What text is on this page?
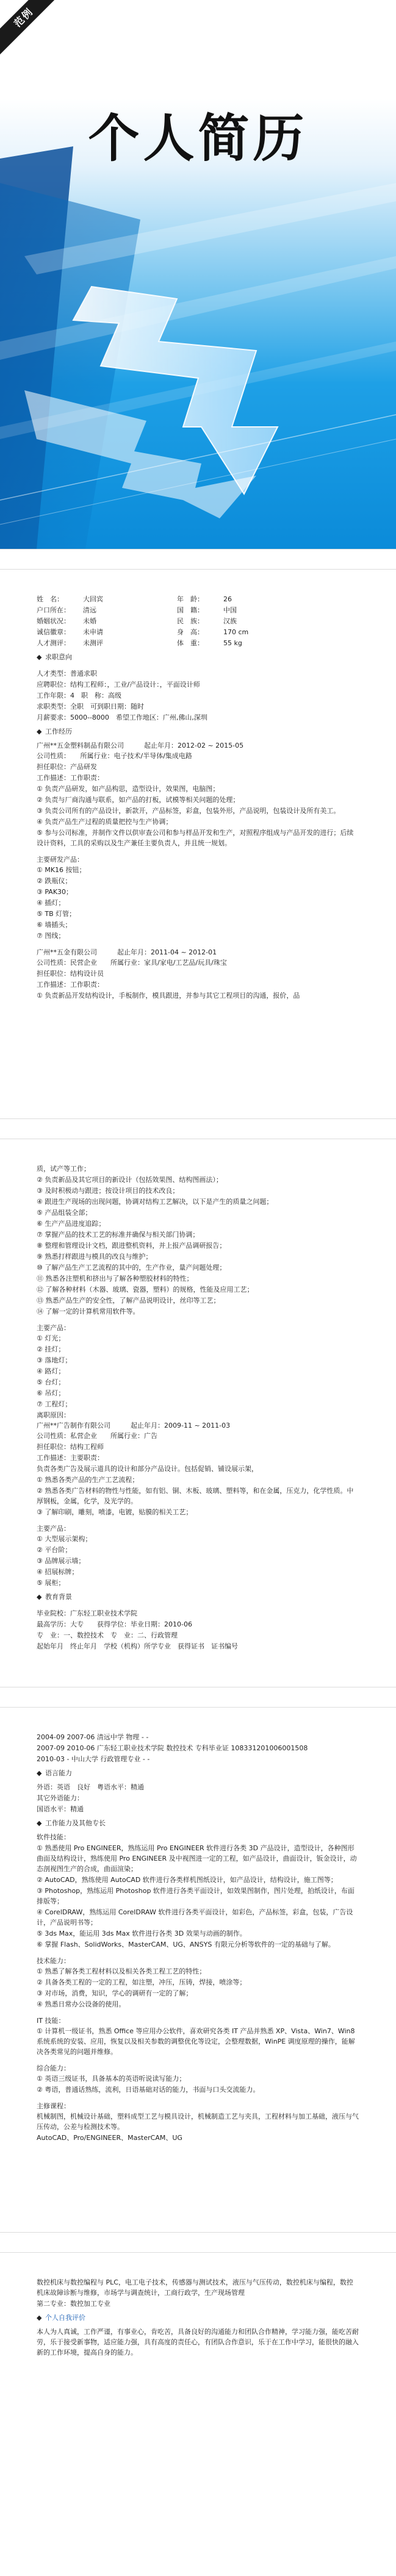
范例
个人简历
姓　名：	大回宾	年　龄：	26
户口所在： 清远	国　籍：	中国
婚姻状况： 未婚	民　族：	汉族
诚信徽章： 未申请	身　高：	170 cm
人才测评： 未测评	体　重：	55 kg
◆ 求职意向
人才类型：普通求职
应聘职位：结构工程师：，工业/产品设计：，平面设计师
工作年限：4　职　称：高级
求职类型：全职　可到职日期：随时
月薪要求：5000--8000　希望工作地区：广州,佛山,深圳
◆ 工作经历
广州**五金塑料制品有限公司　　　起止年月：2012-02 ~ 2015-05
公司性质：　　所属行业：电子技术/半导体/集成电路
担任职位：产品研发
工作描述：工作职责：
① 负责产品研发，如产品构思，造型设计，效果图，电脑图；
② 负责与厂商沟通与联系，如产品的打板，试模等相关问题的处理；
③ 负责公司所有的产品设计，新款开，产品标签，彩盒，包装外形，产品说明，包装设计及所有美工。
④ 负责产品生产过程的质量把控与生产协调；
⑤ 参与公司标准，并制作文件以供审查公司和参与样品开发和生产，对照程序组成与产品开发的进行；后续设计资料，工具的采购以及生产兼任主要负责人，并且统一规划。
主要研发产品：
① MK16 按钮；
② 跌瓶仪；
③ PAK30；
④ 插灯；
⑤ TB 灯管；
⑥ 墙插头；
⑦ 图线；
广州**五金有限公司　　　起止年月：2011-04 ~ 2012-01
公司性质：民营企业　　所属行业：家具/家电/工艺品/玩具/珠宝
担任职位：结构设计员
工作描述：工作职责：
① 负责新品开发结构设计，手板制作，模具跟进，并参与其它工程项目的沟通，报价，品
质，试产等工作；
② 负责新品及其它项目的新设计（包括效果图、结构图画法）；
③ 及时积极动与跟进；按设计项目的技术改良；
④ 跟进生产现场的出现问题，协调对结构工艺解决，以下是产生的质量之问题；
⑤ 产品组装全部；
⑥ 生产产品进度追踪；
⑦ 掌握产品的技术工艺的标准并确保与相关部门协调；
⑧ 整理和管理设计文档，跟进整机资料，并上报产品调研报告；
⑨ 熟悉打样跟进与模具的改良与维护；
⑩ 了解产品生产工艺流程的其中的，生产作业，量产问题处理；
⑪ 熟悉各注塑机和挤出与了解各种塑胶材料的特性；
⑫ 了解各种材料（木器、玻璃、瓷器，塑料）的规格，性能及应用工艺；
⑬ 熟悉产品生产的安全性，了解产品说明设计，丝印等工艺；
⑭ 了解一定的计算机常用软件等。
主要产品：
① 灯光；
② 挂灯；
③ 落地灯；
④ 路灯；
⑤ 台灯；
⑥ 吊灯；
⑦ 工程灯；
离职原因：
广州**广告制作有限公司　　　起止年月：2009-11 ~ 2011-03
公司性质：私营企业　　所属行业：广告
担任职位：结构工程师
工作描述：主要职责：
负责各类广告及展示道具的设计和部分产品设计。包括促销、铺设展示架，
① 熟悉各类产品的生产工艺流程；
② 熟悉各类广告材料的物性与性能，如有铝、铜、木板、玻璃、塑料等，和在金属，压克力，化学性质。中厚钢板，金属，化学，及光学的。
③ 了解印刷，雕刻，喷漆，电镀，贴膜的相关工艺；
主要产品：
① 大型展示架构；
② 平台阶；
③ 品牌展示墙；
④ 招展标牌；
⑤ 展柜；
◆ 教育背景
毕业院校：广东轻工职业技术学院
最高学历：大专　　获得学位：毕业日期：2010-06
专　业：一、数控技术　专　业：二、行政管理
起始年月　终止年月　学校（机构）所学专业　获得证书　证书编号
2004-09 2007-06 清远中学 物理 - -
2007-09 2010-06 广东轻工职业技术学院 数控技术 专科毕业证 108331201006001508
2010-03 - 中山大学 行政管理专业 - -
◆ 语言能力
外语：英语　良好　粤语水平：精通
其它外语能力：
国语水平：精通
◆ 工作能力及其他专长
软件技能：
① 熟悉使用 Pro ENGINEER，熟练运用 Pro ENGINEER 软件进行各类 3D 产品设计，造型设计，各种图形曲面及结构设计，熟练使用 Pro ENGINEER 及中视图进一定的工程，如产品设计，曲面设计，钣金设计，动态剖视图生产的合成，曲面渲染；
② AutoCAD，熟练使用 AutoCAD 软件进行各类样机图纸设计，如产品设计，结构设计，施工图等；
③ Photoshop，熟练运用 Photoshop 软件进行各类平面设计，如效果图制作，图片处理，拍纸设计，布面排版等；
④ CorelDRAW，熟练运用 CorelDRAW 软件进行各类平面设计，如彩色，产品标签，彩盒，包装，广告设计，产品说明书等；
⑤ 3ds Max，能运用 3ds Max 软件进行各类 3D 效果与动画的制作。
⑥ 掌握 Flash、SolidWorks、MasterCAM、UG、ANSYS 有限元分析等软件的一定的基础与了解。
技术能力：
① 熟悉了解各类工程材料以及相关各类工程工艺的特性；
② 具备各类工程的一定的工程，如注塑，冲压，压铸，焊接，喷涂等；
③ 对市场，消费，知识，学心的调研有一定的了解；
④ 熟悉日常办公设备的使用。
IT 技能：
① 计算机一级证书，熟悉 Office 等应用办公软件，喜欢研究各类 IT 产品并熟悉 XP、Vista、Win7、Win8 系统系统的安装、应用，恢复以及相关参数的调整优化等设定，会整理数据，WinPE 调度原理的操作，能解决各类常见的问题并维修。
综合能力：
① 英语三级证书，具备基本的英语听说读写能力；
② 粤语，普通话熟练，流利，日语基础对话的能力，书面与口头交流能力。
主修课程：
机械制图，机械设计基础，塑料成型工艺与模具设计，机械制造工艺与夹具，工程材料与加工基础，液压与气压传动，公差与检测技术等。
AutoCAD、Pro/ENGINEER、MasterCAM、UG
数控机床与数控编程与 PLC，电工电子技术，传感器与测试技术，液压与气压传动，数控机床与编程，数控机床故障诊断与维修，市场学与调查统计，工商行政学，生产现场管理
第二专业：数控加工专业
◆ 个人自我评价
本人为人真诚，工作严谨，有事业心，肯吃苦，具备良好的沟通能力和团队合作精神，学习能力强，能吃苦耐劳，乐于接受新事物，适应能力强，具有高度的责任心，有团队合作意识，乐于在工作中学习，能很快的融入新的工作环境，提高自身的能力。
